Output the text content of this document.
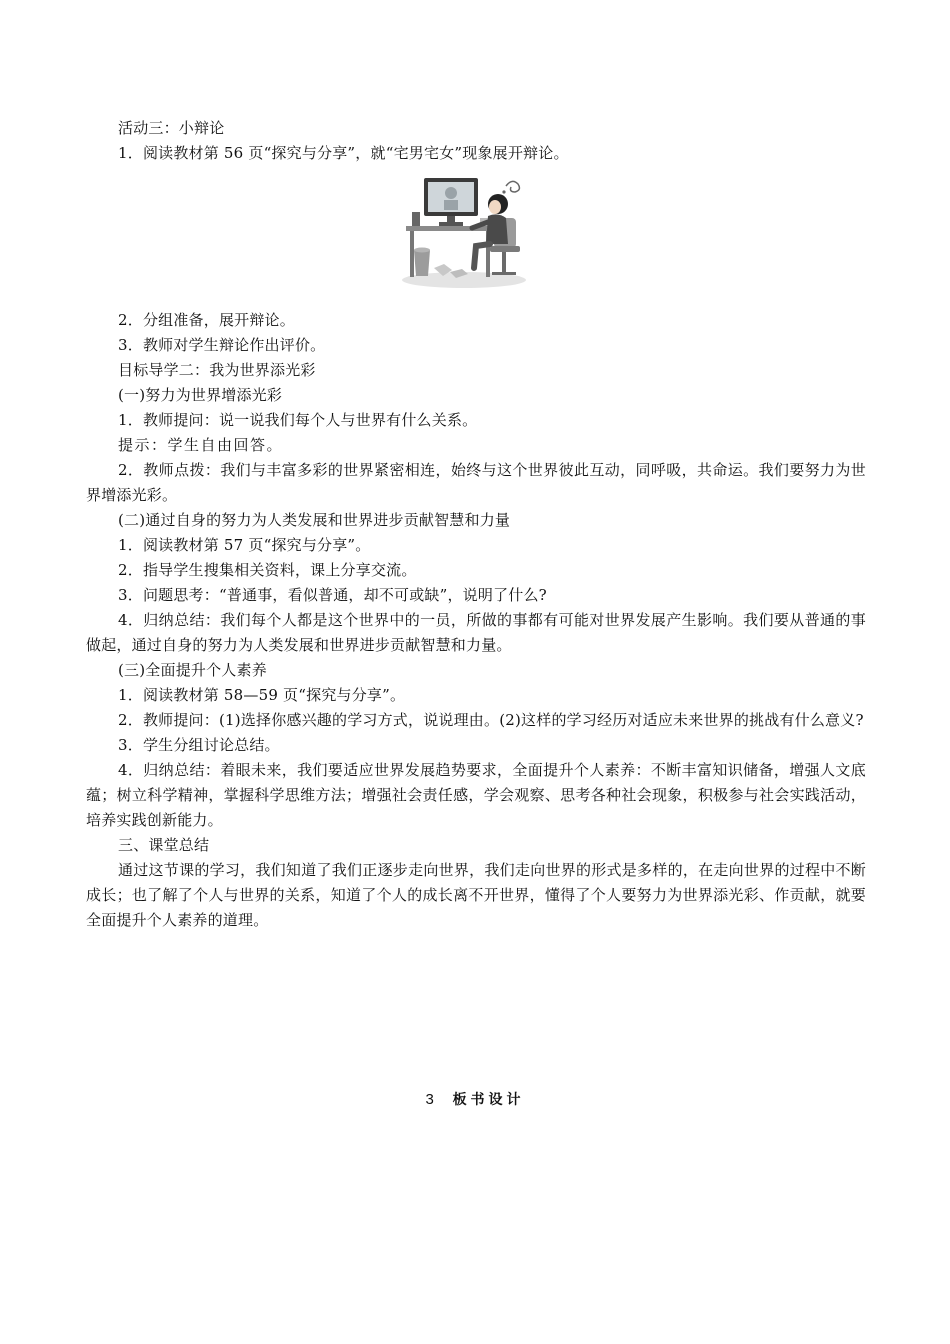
活动三：小辩论

1．阅读教材第 56 页“探究与分享”，就“宅男宅女”现象展开辩论。

2．分组准备，展开辩论。

3．教师对学生辩论作出评价。

目标导学二：我为世界添光彩

(一)努力为世界增添光彩

1．教师提问：说一说我们每个人与世界有什么关系。

提示：学生自由回答。

2．教师点拨：我们与丰富多彩的世界紧密相连，始终与这个世界彼此互动，同呼吸，共命运。我们要努力为世界增添光彩。

(二)通过自身的努力为人类发展和世界进步贡献智慧和力量

1．阅读教材第 57 页“探究与分享”。

2．指导学生搜集相关资料，课上分享交流。

3．问题思考：“普通事，看似普通，却不可或缺”，说明了什么?

4．归纳总结：我们每个人都是这个世界中的一员，所做的事都有可能对世界发展产生影响。我们要从普通的事做起，通过自身的努力为人类发展和世界进步贡献智慧和力量。

(三)全面提升个人素养

1．阅读教材第 58—59 页“探究与分享”。

2．教师提问：(1)选择你感兴趣的学习方式，说说理由。(2)这样的学习经历对适应未来世界的挑战有什么意义?

3．学生分组讨论总结。

4．归纳总结：着眼未来，我们要适应世界发展趋势要求，全面提升个人素养：不断丰富知识储备，增强人文底蕴；树立科学精神，掌握科学思维方法；增强社会责任感，学会观察、思考各种社会现象，积极参与社会实践活动，培养实践创新能力。

三、课堂总结

通过这节课的学习，我们知道了我们正逐步走向世界，我们走向世界的形式是多样的，在走向世界的过程中不断成长；也了解了个人与世界的关系，知道了个人的成长离不开世界，懂得了个人要努力为世界添光彩、作贡献，就要全面提升个人素养的道理。

3 板书设计
